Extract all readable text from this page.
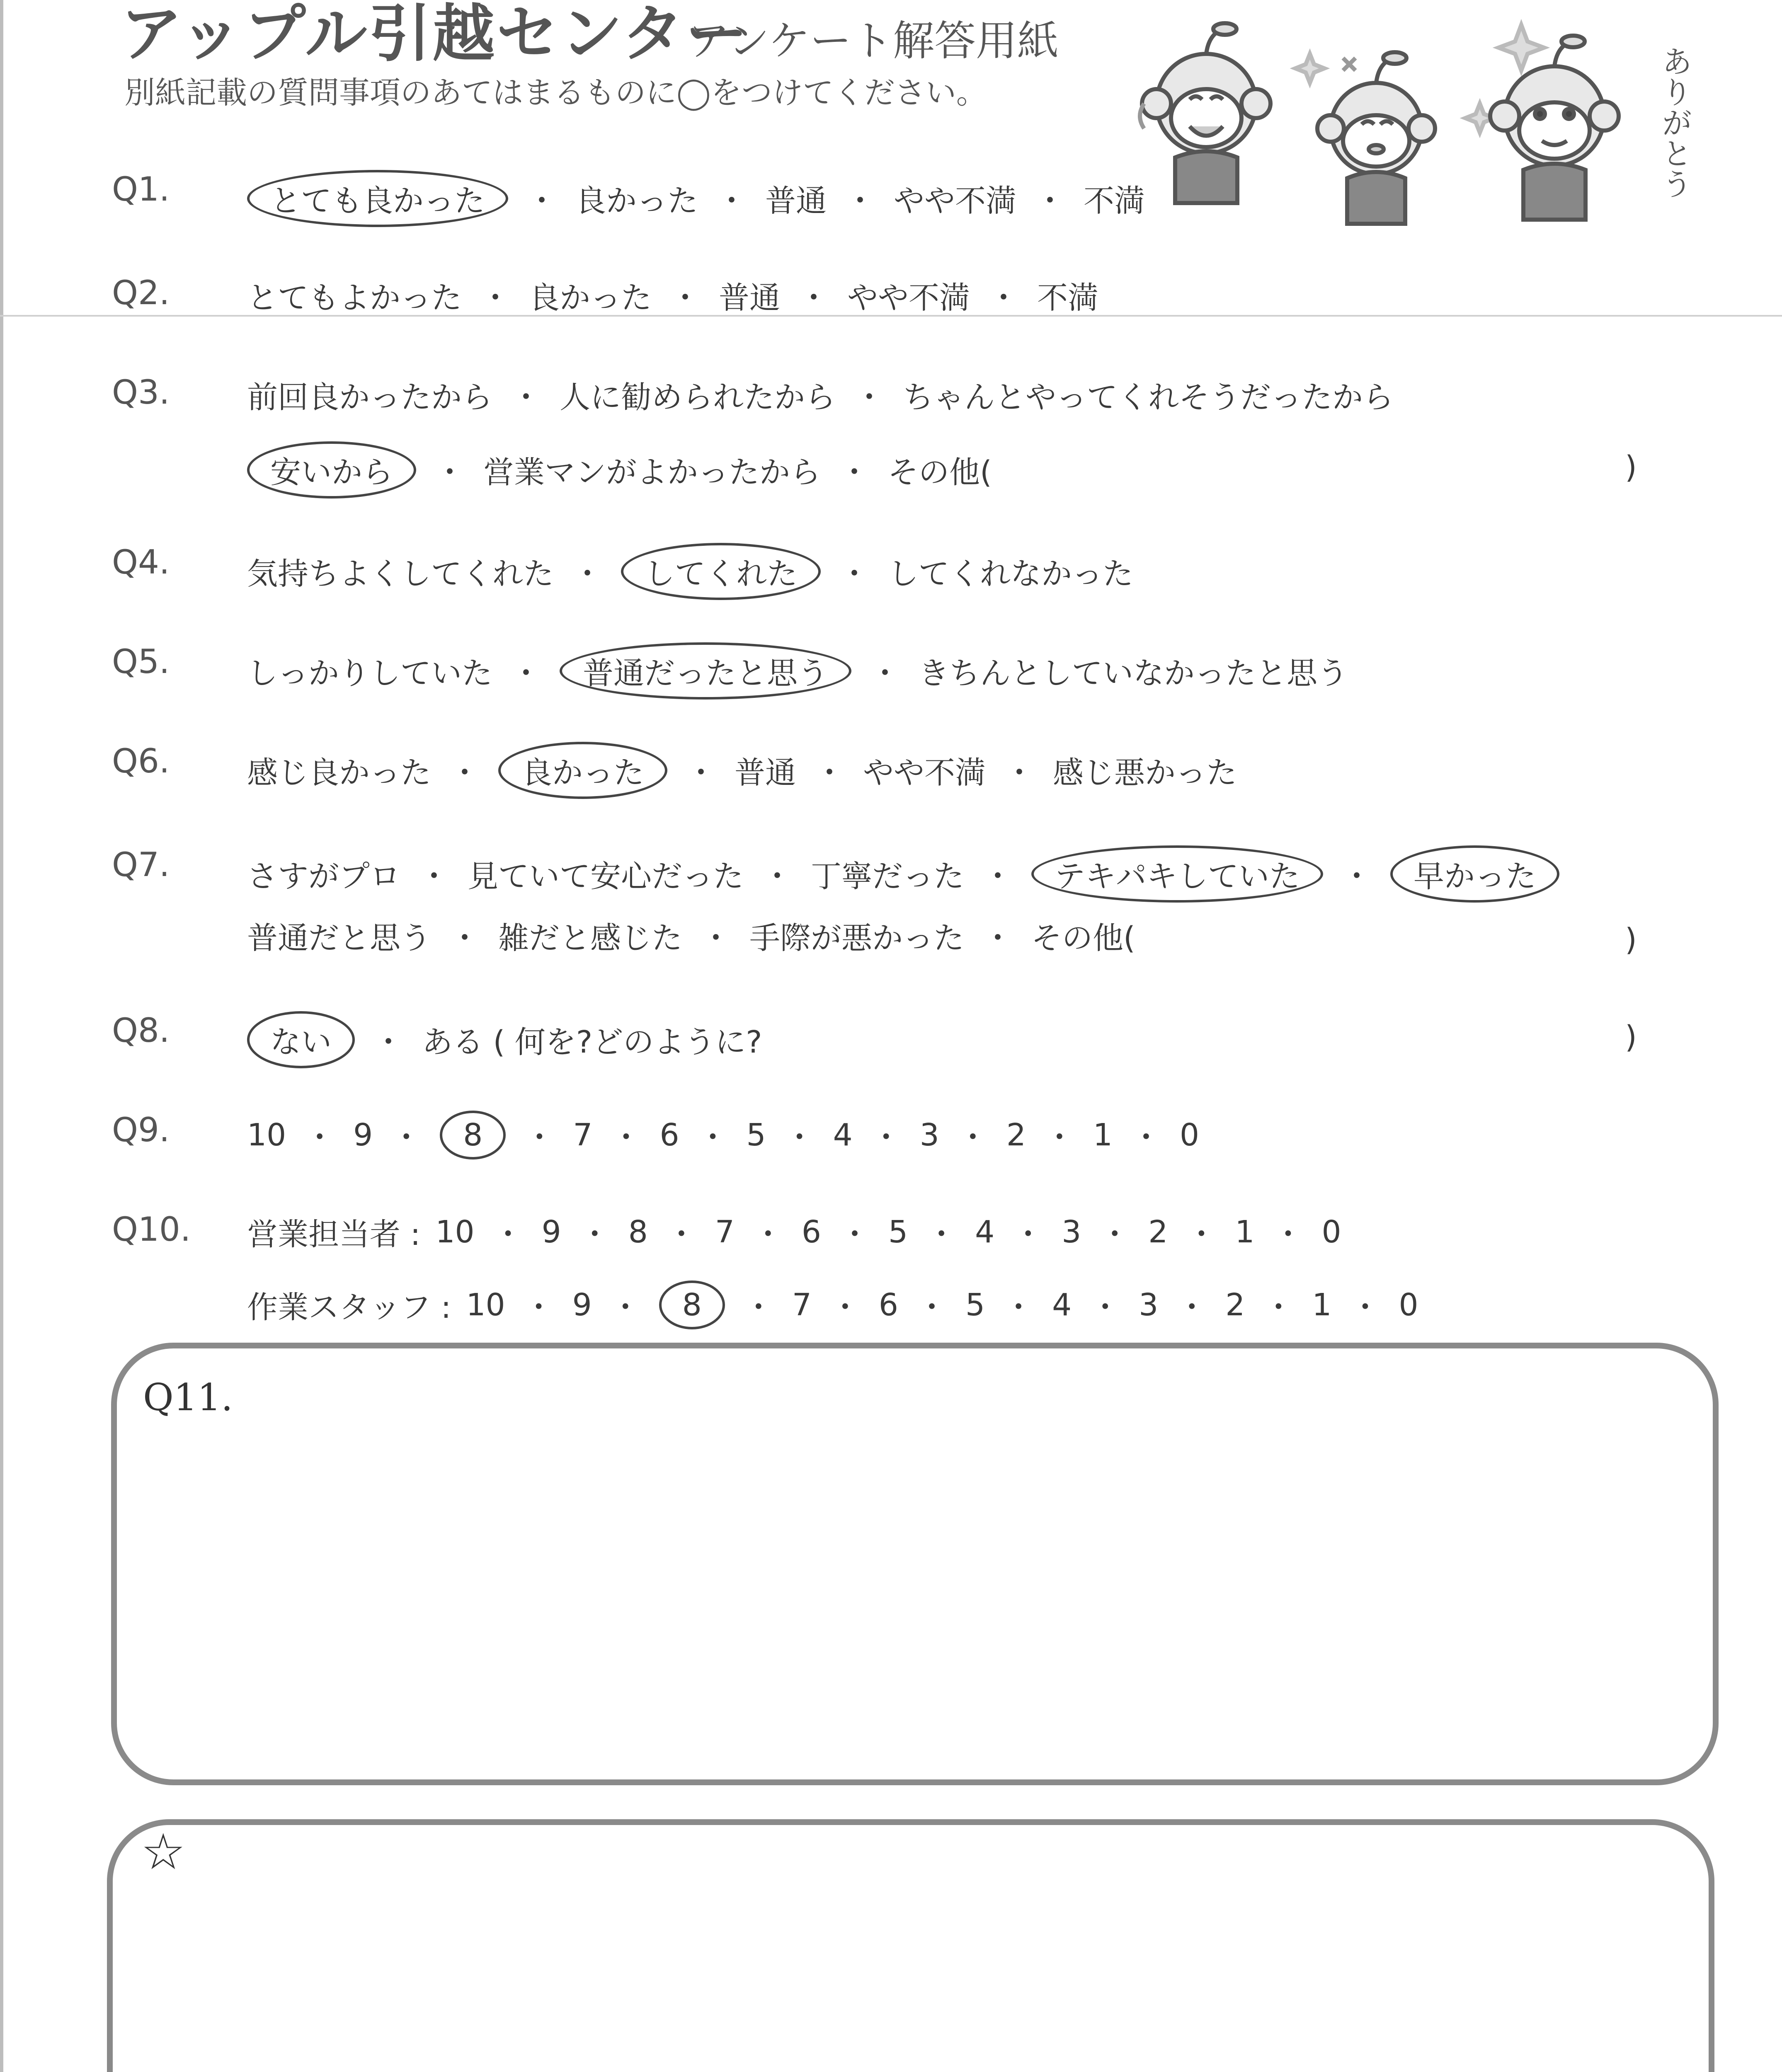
アップル引越センター
アンケート解答用紙
別紙記載の質問事項のあてはまるものに◯をつけてください。	ありがとう
Q1.	とても良かった	・ 良かった ・ 普通 ・ やや不満 ・ 不満
Q2.	とてもよかった ・ 良かった ・ 普通 ・ やや不満 ・ 不満
Q3.	前回良かったから ・ 人に勧められたから ・ ちゃんとやってくれそうだったから
安いから	・ 営業マンがよかったから ・ その他(	)
Q4.	気持ちよくしてくれた ・	してくれた	・ してくれなかった
Q5.	しっかりしていた ・	普通だったと思う	・ きちんとしていなかったと思う
Q6.	感じ良かった ・	良かった	・ 普通 ・ やや不満 ・ 感じ悪かった
Q7.	さすがプロ ・ 見ていて安心だった ・ 丁寧だった ・	テキパキしていた	・	早かった
普通だと思う ・ 雑だと感じた ・ 手際が悪かった ・ その他(	)
Q8.	ない	・ ある ( 何を?どのように?	)
Q9.	10 ・ 9 ・	8	・ 7 ・ 6 ・ 5 ・ 4 ・ 3 ・ 2 ・ 1 ・ 0
Q10. 営業担当者 : 10 ・ 9 ・ 8 ・ 7 ・ 6 ・ 5 ・ 4 ・ 3 ・ 2 ・ 1 ・ 0
作業スタッフ : 10 ・ 9 ・	8	・ 7 ・ 6 ・ 5 ・ 4 ・ 3 ・ 2 ・ 1 ・ 0
Q11.
☆
